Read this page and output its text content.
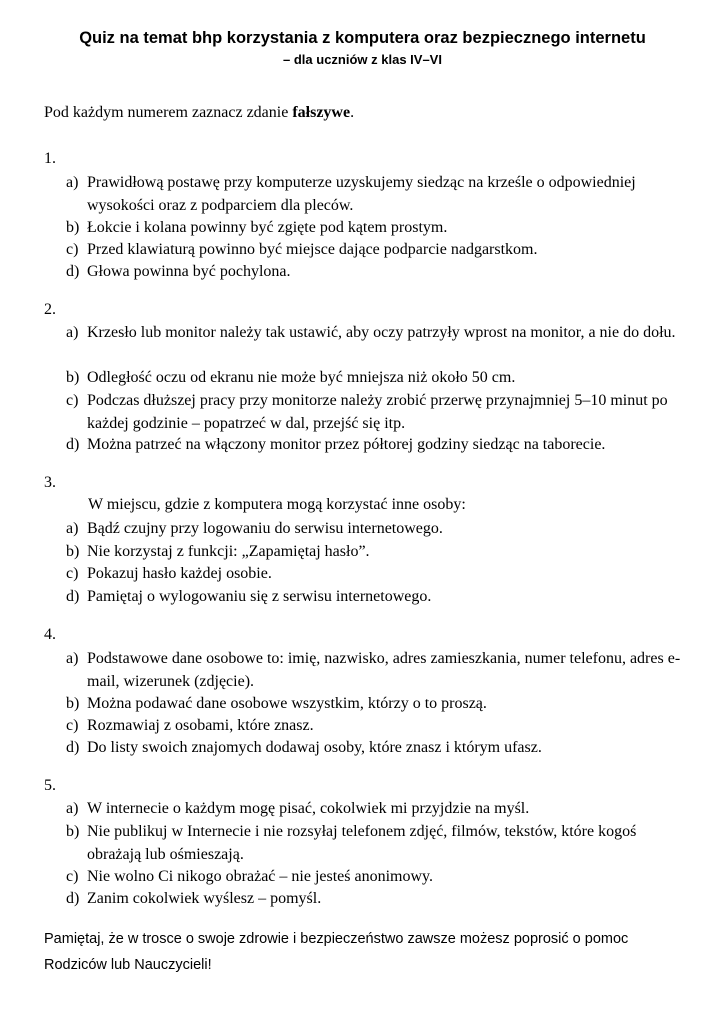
Quiz na temat bhp korzystania z komputera oraz bezpiecznego internetu
– dla uczniów z klas IV–VI
Pod każdym numerem zaznacz zdanie fałszywe.
1.
a) Prawidłową postawę przy komputerze uzyskujemy siedząc na krześle o odpowiedniej wysokości oraz z podparciem dla pleców.
b) Łokcie i kolana powinny być zgięte pod kątem prostym.
c) Przed klawiaturą powinno być miejsce dające podparcie nadgarstkom.
d) Głowa powinna być pochylona.
2.
a) Krzesło lub monitor należy tak ustawić, aby oczy patrzyły wprost na monitor, a nie do dołu.
b) Odległość oczu od ekranu nie może być mniejsza niż około 50 cm.
c) Podczas dłuższej pracy przy monitorze należy zrobić przerwę przynajmniej 5–10 minut po każdej godzinie – popatrzeć w dal, przejść się itp.
d) Można patrzeć na włączony monitor przez półtorej godziny siedząc na taborecie.
3.
W miejscu, gdzie z komputera mogą korzystać inne osoby:
a) Bądź czujny przy logowaniu do serwisu internetowego.
b) Nie korzystaj z funkcji: „Zapamiętaj hasło”.
c) Pokazuj hasło każdej osobie.
d) Pamiętaj o wylogowaniu się z serwisu internetowego.
4.
a) Podstawowe dane osobowe to: imię, nazwisko, adres zamieszkania, numer telefonu, adres e-mail, wizerunek (zdjęcie).
b) Można podawać dane osobowe wszystkim, którzy o to proszą.
c) Rozmawiaj z osobami, które znasz.
d) Do listy swoich znajomych dodawaj osoby, które znasz i którym ufasz.
5.
a) W internecie o każdym mogę pisać, cokolwiek mi przyjdzie na myśl.
b) Nie publikuj w Internecie i nie rozsyłaj telefonem zdjęć, filmów, tekstów, które kogoś obrażają lub ośmieszają.
c) Nie wolno Ci nikogo obrażać – nie jesteś anonimowy.
d) Zanim cokolwiek wyślesz – pomyśl.
Pamiętaj, że w trosce o swoje zdrowie i bezpieczeństwo zawsze możesz poprosić o pomoc Rodziców lub Nauczycieli!
